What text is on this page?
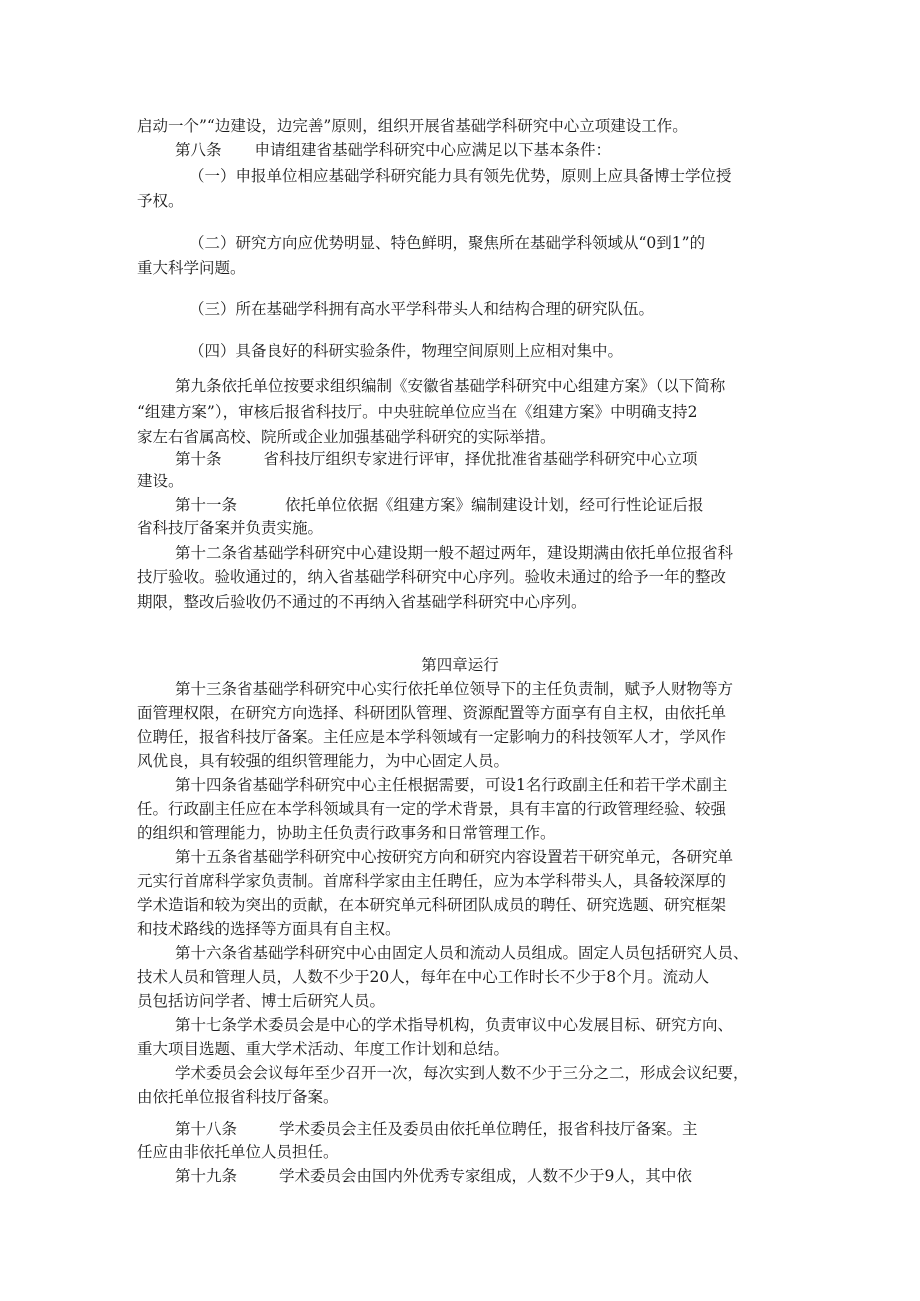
启动一个”“边建设，边完善”原则，组织开展省基础学科研究中心立项建设工作。

第八条 申请组建省基础学科研究中心应满足以下基本条件：

（一）申报单位相应基础学科研究能力具有领先优势，原则上应具备博士学位授

予权。

（二）研究方向应优势明显、特色鲜明，聚焦所在基础学科领域从“0到1”的

重大科学问题。

（三）所在基础学科拥有高水平学科带头人和结构合理的研究队伍。

（四）具备良好的科研实验条件，物理空间原则上应相对集中。

第九条依托单位按要求组织编制《安徽省基础学科研究中心组建方案》（以下简称

“组建方案”），审核后报省科技厅。中央驻皖单位应当在《组建方案》中明确支持2

家左右省属高校、院所或企业加强基础学科研究的实际举措。

第十条	省科技厅组织专家进行评审，择优批准省基础学科研究中心立项

建设。

第十一条	依托单位依据《组建方案》编制建设计划，经可行性论证后报

省科技厅备案并负责实施。

第十二条省基础学科研究中心建设期一般不超过两年，建设期满由依托单位报省科

技厅验收。验收通过的，纳入省基础学科研究中心序列。验收未通过的给予一年的整改

期限，整改后验收仍不通过的不再纳入省基础学科研究中心序列。

第四章运行

第十三条省基础学科研究中心实行依托单位领导下的主任负责制，赋予人财物等方

面管理权限，在研究方向选择、科研团队管理、资源配置等方面享有自主权，由依托单

位聘任，报省科技厅备案。主任应是本学科领域有一定影响力的科技领军人才，学风作

风优良，具有较强的组织管理能力，为中心固定人员。

第十四条省基础学科研究中心主任根据需要，可设1名行政副主任和若干学术副主

任。行政副主任应在本学科领域具有一定的学术背景，具有丰富的行政管理经验、较强

的组织和管理能力，协助主任负责行政事务和日常管理工作。

第十五条省基础学科研究中心按研究方向和研究内容设置若干研究单元，各研究单

元实行首席科学家负责制。首席科学家由主任聘任，应为本学科带头人，具备较深厚的

学术造诣和较为突出的贡献，在本研究单元科研团队成员的聘任、研究选题、研究框架

和技术路线的选择等方面具有自主权。

第十六条省基础学科研究中心由固定人员和流动人员组成。固定人员包括研究人员、

技术人员和管理人员，人数不少于20人，每年在中心工作时长不少于8个月。流动人

员包括访问学者、博士后研究人员。

第十七条学术委员会是中心的学术指导机构，负责审议中心发展目标、研究方向、

重大项目选题、重大学术活动、年度工作计划和总结。

学术委员会会议每年至少召开一次，每次实到人数不少于三分之二，形成会议纪要，

由依托单位报省科技厅备案。

第十八条	学术委员会主任及委员由依托单位聘任，报省科技厅备案。主

任应由非依托单位人员担任。

第十九条	学术委员会由国内外优秀专家组成，人数不少于9人，其中依
